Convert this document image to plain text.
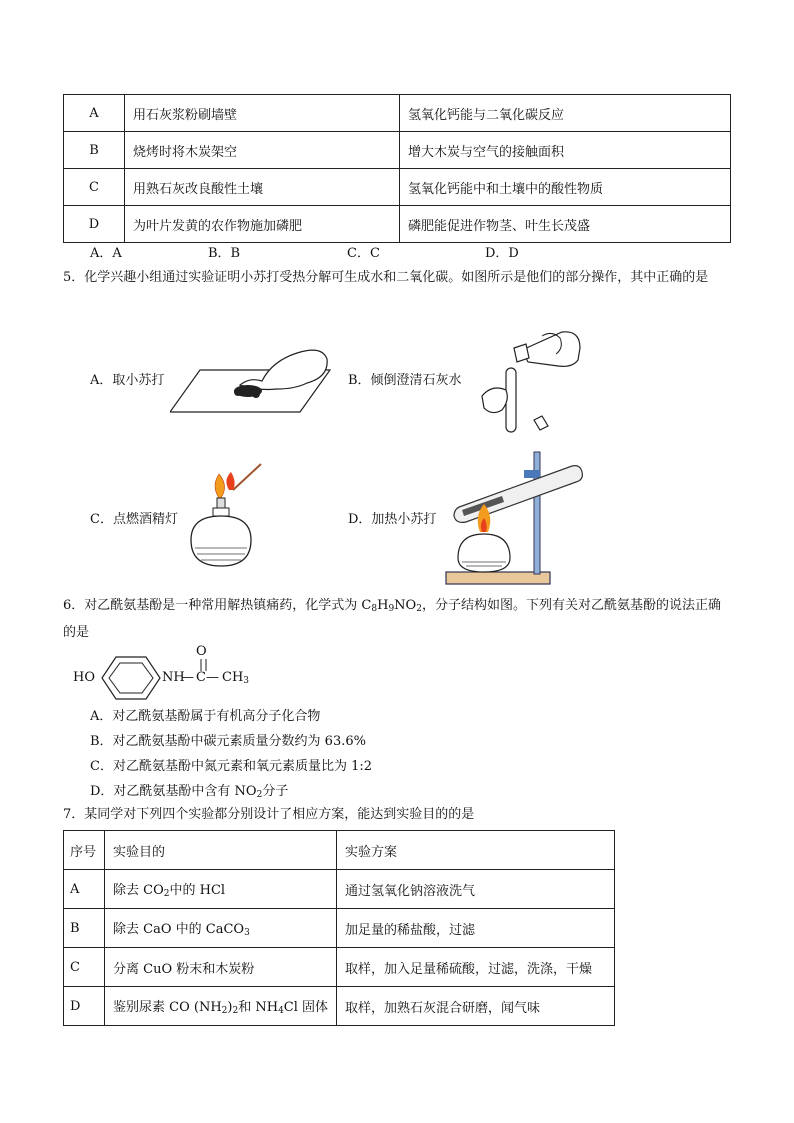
A	用石灰浆粉刷墙壁	氢氧化钙能与二氧化碳反应
B	烧烤时将木炭架空	增大木炭与空气的接触面积
C	用熟石灰改良酸性土壤	氢氧化钙能中和土壤中的酸性物质
D	为叶片发黄的农作物施加磷肥	磷肥能促进作物茎、叶生长茂盛
A．A	B．B	C．C	D．D
5．化学兴趣小组通过实验证明小苏打受热分解可生成水和二氧化碳。如图所示是他们的部分操作，其中正确的是
A．取小苏打	B．倾倒澄清石灰水
C．点燃酒精灯	D．加热小苏打
6．对乙酰氨基酚是一种常用解热镇痛药，化学式为 $C_8H_9NO_2$，分子结构如图。下列有关对乙酰氨基酚的说法正确的是
HO	NH
— C — $CH_3$
O
A．对乙酰氨基酚属于有机高分子化合物
B．对乙酰氨基酚中碳元素质量分数约为 63.6%
C．对乙酰氨基酚中氮元素和氧元素质量比为 1:2
D．对乙酰氨基酚中含有 $NO_2$分子
7．某同学对下列四个实验都分别设计了相应方案，能达到实验目的的是
序号	实验目的	实验方案
A	除去 $CO_2$中的 HCl	通过氢氧化钠溶液洗气
B	除去 CaO 中的 CaCO$_3$	加足量的稀盐酸，过滤
C	分离 CuO 粉末和木炭粉	取样，加入足量稀硫酸，过滤，洗涤，干燥
D	鉴别尿素 CO $(NH_2)_2$和 $NH_4Cl$ 固体	取样，加熟石灰混合研磨，闻气味
